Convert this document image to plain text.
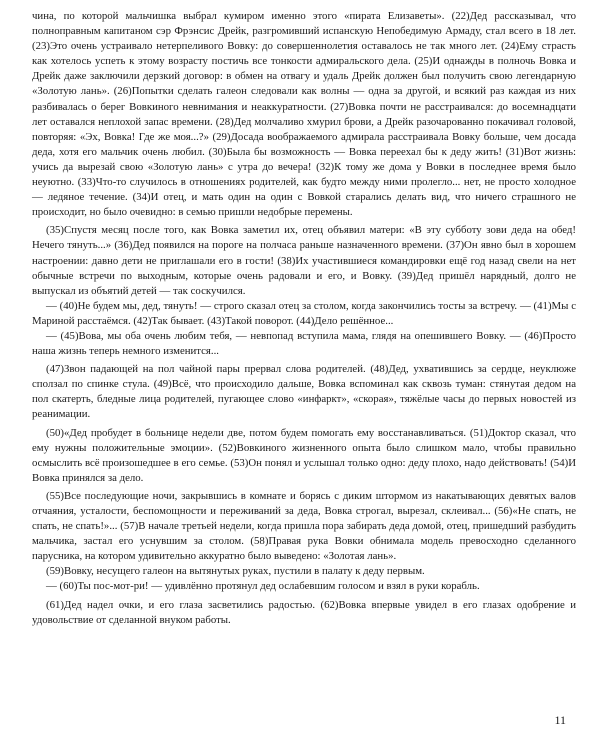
чина, по которой мальчишка выбрал кумиром именно этого «пирата Елизаветы». (22)Дед рассказывал, что полноправным капитаном сэр Фрэнсис Дрейк, разгромивший испанскую Непобедимую Армаду, стал всего в 18 лет. (23)Это очень устраивало нетерпеливого Вовку: до совершеннолетия оставалось не так много лет. (24)Ему страсть как хотелось успеть к этому возрасту постичь все тонкости адмиральского дела. (25)И однажды в полночь Вовка и Дрейк даже заключили дерзкий договор: в обмен на отвагу и удаль Дрейк должен был получить свою легендарную «Золотую лань». (26)Попытки сделать галеон следовали как волны — одна за другой, и всякий раз каждая из них разбивалась о берег Вовкиного невнимания и неаккуратности. (27)Вовка почти не расстраивался: до восемнадцати лет оставался неплохой запас времени. (28)Дед молчаливо хмурил брови, а Дрейк разочарованно покачивал головой, повторяя: «Эх, Вовка! Где же моя...?» (29)Досада воображаемого адмирала расстраивала Вовку больше, чем досада деда, хотя его мальчик очень любил. (30)Была бы возможность — Вовка переехал бы к деду жить! (31)Вот жизнь: учись да вырезай свою «Золотую лань» с утра до вечера! (32)К тому же дома у Вовки в последнее время было неуютно. (33)Что-то случилось в отношениях родителей, как будто между ними пролегло... нет, не просто холодное — ледяное течение. (34)И отец, и мать один на один с Вовкой старались делать вид, что ничего страшного не происходит, но было очевидно: в семью пришли недобрые перемены.

(35)Спустя месяц после того, как Вовка заметил их, отец объявил матери: «В эту субботу зови деда на обед! Нечего тянуть...» (36)Дед появился на пороге на полчаса раньше назначенного времени. (37)Он явно был в хорошем настроении: давно дети не приглашали его в гости! (38)Их участившиеся командировки ещё год назад свели на нет обычные встречи по выходным, которые очень радовали и его, и Вовку. (39)Дед пришёл нарядный, долго не выпускал из объятий детей — так соскучился.

— (40)Не будем мы, дед, тянуть! — строго сказал отец за столом, когда закончились тосты за встречу. — (41)Мы с Мариной расстаёмся. (42)Так бывает. (43)Такой поворот. (44)Дело решённое...

— (45)Вова, мы оба очень любим тебя, — невпопад вступила мама, глядя на опешившего Вовку. — (46)Просто наша жизнь теперь немного изменится...

(47)Звон падающей на пол чайной пары прервал слова родителей. (48)Дед, ухватившись за сердце, неуклюже сползал по спинке стула. (49)Всё, что происходило дальше, Вовка вспоминал как сквозь туман: стянутая дедом на пол скатерть, бледные лица родителей, пугающее слово «инфаркт», «скорая», тяжёлые часы до первых новостей из реанимации.

(50)«Дед пробудет в больнице недели две, потом будем помогать ему восстанавливаться. (51)Доктор сказал, что ему нужны положительные эмоции». (52)Вовкиного жизненного опыта было слишком мало, чтобы правильно осмыслить всё произошедшее в его семье. (53)Он понял и услышал только одно: деду плохо, надо действовать! (54)И Вовка принялся за дело.

(55)Все последующие ночи, закрывшись в комнате и борясь с диким штормом из накатывающих девятых валов отчаяния, усталости, беспомощности и переживаний за деда, Вовка строгал, вырезал, склеивал... (56)«Не спать, не спать, не спать!»... (57)В начале третьей недели, когда пришла пора забирать деда домой, отец, пришедший разбудить мальчика, застал его уснувшим за столом. (58)Правая рука Вовки обнимала модель превосходно сделанного парусника, на котором удивительно аккуратно было выведено: «Золотая лань».

(59)Вовку, несущего галеон на вытянутых руках, пустили в палату к деду первым.

— (60)Ты пос-мот-ри! — удивлённо протянул дед ослабевшим голосом и взял в руки корабль.

(61)Дед надел очки, и его глаза засветились радостью. (62)Вовка впервые увидел в его глазах одобрение и удовольствие от сделанной внуком работы.

11
